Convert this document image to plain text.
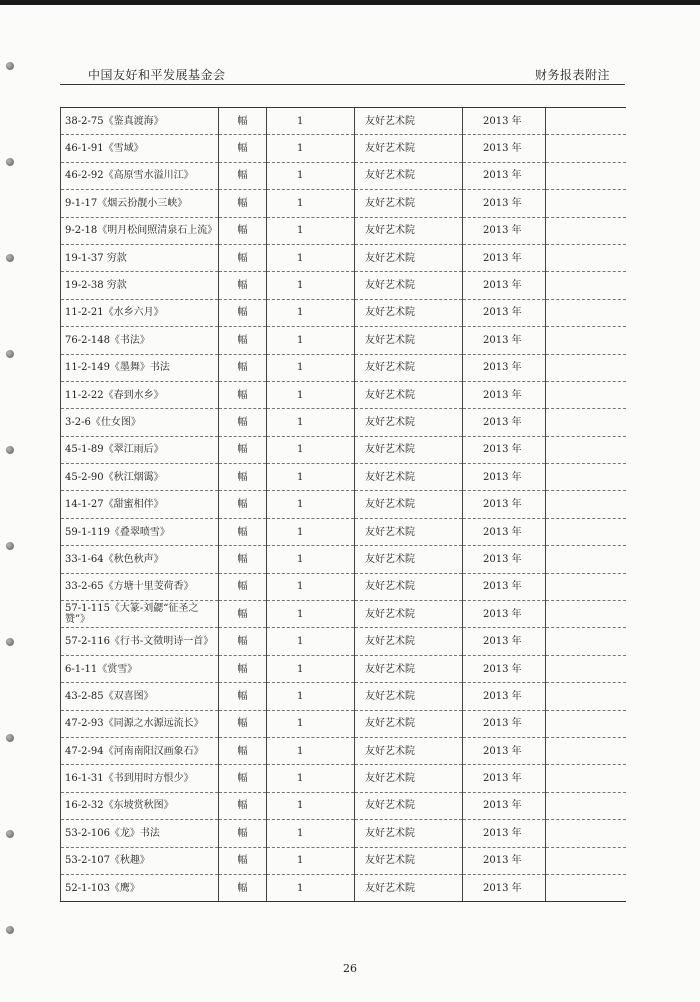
中国友好和平发展基金会	财务报表附注
38-2-75《鉴真渡海》	幅	1	友好艺术院	2013 年	
46-1-91《雪域》	幅	1	友好艺术院	2013 年	
46-2-92《高原雪水溢川江》	幅	1	友好艺术院	2013 年	
9-1-17《烟云扮靓小三峡》	幅	1	友好艺术院	2013 年	
9-2-18《明月松间照清泉石上流》	幅	1	友好艺术院	2013 年	
19-1-37 穷款	幅	1	友好艺术院	2013 年	
19-2-38 穷款	幅	1	友好艺术院	2013 年	
11-2-21《水乡六月》	幅	1	友好艺术院	2013 年	
76-2-148《书法》	幅	1	友好艺术院	2013 年	
11-2-149《墨舞》书法	幅	1	友好艺术院	2013 年	
11-2-22《春到水乡》	幅	1	友好艺术院	2013 年	
3-2-6《仕女图》	幅	1	友好艺术院	2013 年	
45-1-89《翠江雨后》	幅	1	友好艺术院	2013 年	
45-2-90《秋江烟霭》	幅	1	友好艺术院	2013 年	
14-1-27《甜蜜相伴》	幅	1	友好艺术院	2013 年	
59-1-119《叠翠喷雪》	幅	1	友好艺术院	2013 年	
33-1-64《秋色秋声》	幅	1	友好艺术院	2013 年	
33-2-65《方塘十里芰荷香》	幅	1	友好艺术院	2013 年	
57-1-115《大篆-刘勰“征圣之赞”》	幅	1	友好艺术院	2013 年	
57-2-116《行书-文徵明诗一首》	幅	1	友好艺术院	2013 年	
6-1-11《赏雪》	幅	1	友好艺术院	2013 年	
43-2-85《双喜图》	幅	1	友好艺术院	2013 年	
47-2-93《同源之水源远流长》	幅	1	友好艺术院	2013 年	
47-2-94《河南南阳汉画象石》	幅	1	友好艺术院	2013 年	
16-1-31《书到用时方恨少》	幅	1	友好艺术院	2013 年	
16-2-32《东坡赏秋图》	幅	1	友好艺术院	2013 年	
53-2-106《龙》书法	幅	1	友好艺术院	2013 年	
53-2-107《秋趣》	幅	1	友好艺术院	2013 年	
52-1-103《鹰》	幅	1	友好艺术院	2013 年	
26
